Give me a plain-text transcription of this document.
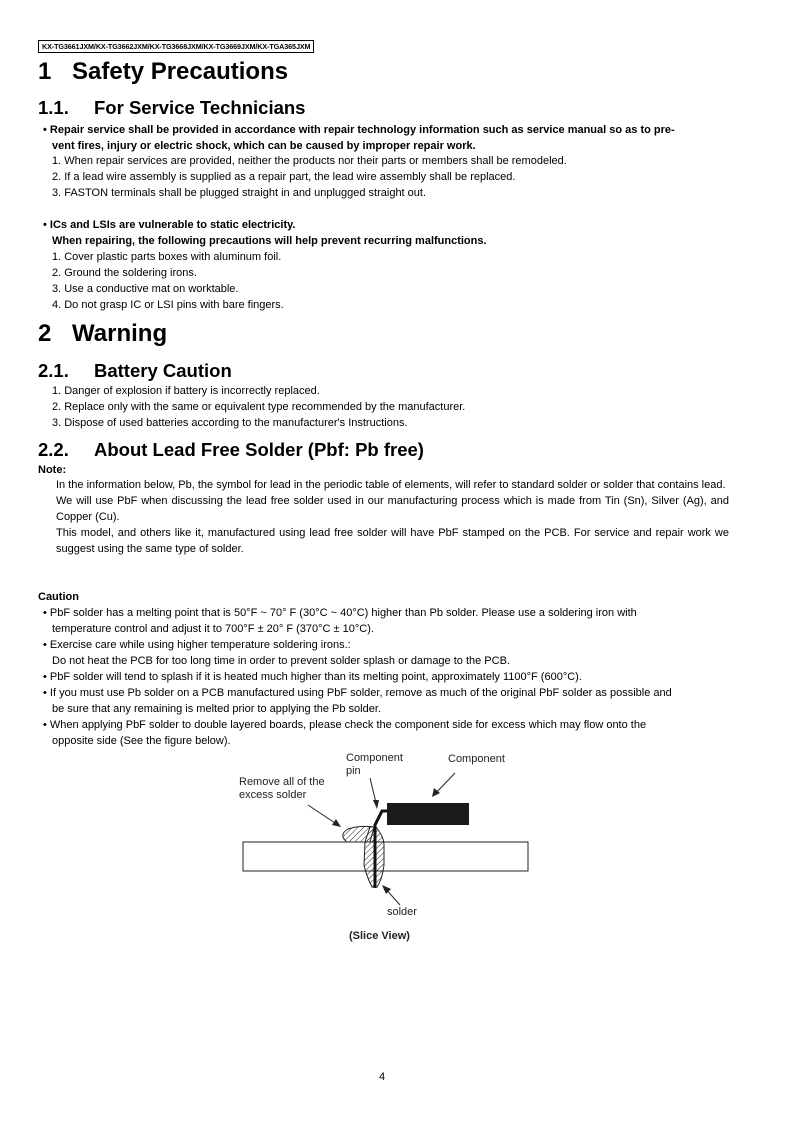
KX-TG3661JXM/KX-TG3662JXM/KX-TG3668JXM/KX-TG3669JXM/KX-TGA365JXM
1 Safety Precautions
1.1. For Service Technicians
• Repair service shall be provided in accordance with repair technology information such as service manual so as to pre-
vent fires, injury or electric shock, which can be caused by improper repair work.
1. When repair services are provided, neither the products nor their parts or members shall be remodeled.
2. If a lead wire assembly is supplied as a repair part, the lead wire assembly shall be replaced.
3. FASTON terminals shall be plugged straight in and unplugged straight out.
• ICs and LSIs are vulnerable to static electricity.
When repairing, the following precautions will help prevent recurring malfunctions.
1. Cover plastic parts boxes with aluminum foil.
2. Ground the soldering irons.
3. Use a conductive mat on worktable.
4. Do not grasp IC or LSI pins with bare fingers.
2 Warning
2.1. Battery Caution
1. Danger of explosion if battery is incorrectly replaced.
2. Replace only with the same or equivalent type recommended by the manufacturer.
3. Dispose of used batteries according to the manufacturer's Instructions.
2.2. About Lead Free Solder (Pbf: Pb free)
Note:

In the information below, Pb, the symbol for lead in the periodic table of elements, will refer to standard solder or solder that contains lead.

We will use PbF when discussing the lead free solder used in our manufacturing process which is made from Tin (Sn), Silver (Ag), and Copper (Cu).

This model, and others like it, manufactured using lead free solder will have PbF stamped on the PCB. For service and repair work we suggest using the same type of solder.

Caution
• PbF solder has a melting point that is 50°F ~ 70° F (30°C ~ 40°C) higher than Pb solder. Please use a soldering iron with
temperature control and adjust it to 700°F ± 20° F (370°C ± 10°C).
• Exercise care while using higher temperature soldering irons.:
Do not heat the PCB for too long time in order to prevent solder splash or damage to the PCB.
• PbF solder will tend to splash if it is heated much higher than its melting point, approximately 1100°F (600°C).
• If you must use Pb solder on a PCB manufactured using PbF solder, remove as much of the original PbF solder as possible and
be sure that any remaining is melted prior to applying the Pb solder.
• When applying PbF solder to double layered boards, please check the component side for excess which may flow onto the
opposite side (See the figure below).
Component
pin
Component
Remove all of the
excess solder
solder
(Slice View)
4
